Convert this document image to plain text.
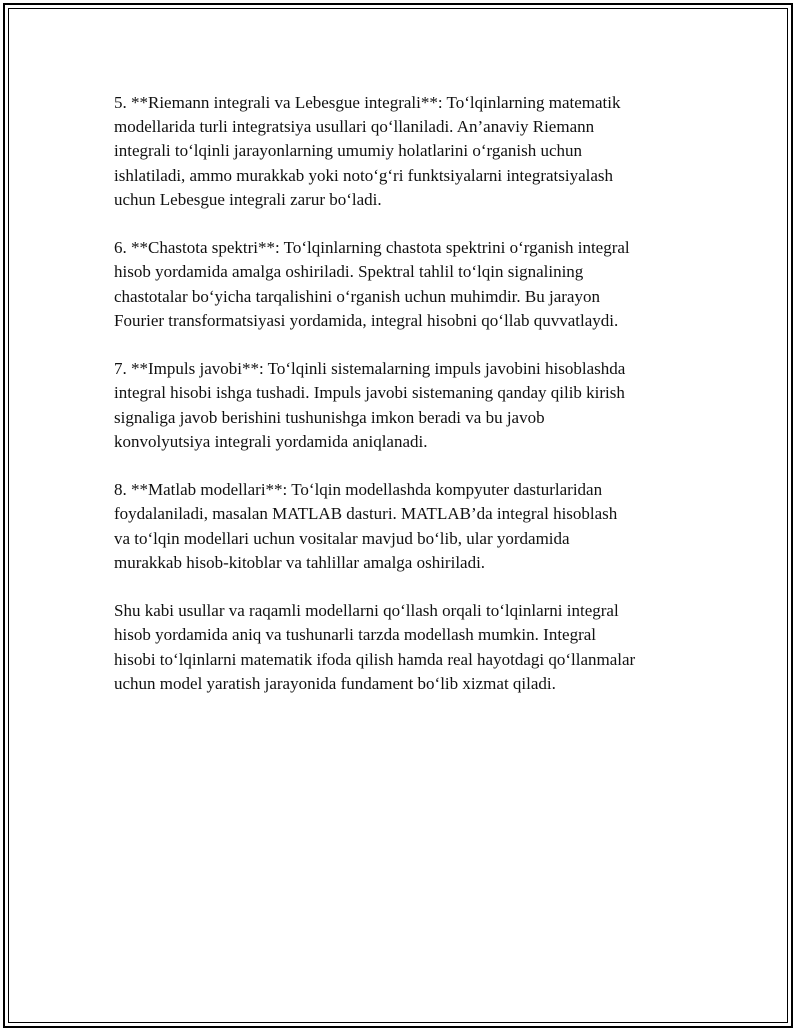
5. **Riemann integrali va Lebesgue integrali**: To‘lqinlarning matematik
modellarida turli integratsiya usullari qo‘llaniladi. An’anaviy Riemann
integrali to‘lqinli jarayonlarning umumiy holatlarini o‘rganish uchun
ishlatiladi, ammo murakkab yoki noto‘g‘ri funktsiyalarni integratsiyalash
uchun Lebesgue integrali zarur bo‘ladi.

6. **Chastota spektri**: To‘lqinlarning chastota spektrini o‘rganish integral
hisob yordamida amalga oshiriladi. Spektral tahlil to‘lqin signalining
chastotalar bo‘yicha tarqalishini o‘rganish uchun muhimdir. Bu jarayon
Fourier transformatsiyasi yordamida, integral hisobni qo‘llab quvvatlaydi.

7. **Impuls javobi**: To‘lqinli sistemalarning impuls javobini hisoblashda
integral hisobi ishga tushadi. Impuls javobi sistemaning qanday qilib kirish
signaliga javob berishini tushunishga imkon beradi va bu javob
konvolyutsiya integrali yordamida aniqlanadi.

8. **Matlab modellari**: To‘lqin modellashda kompyuter dasturlaridan
foydalaniladi, masalan MATLAB dasturi. MATLAB’da integral hisoblash
va to‘lqin modellari uchun vositalar mavjud bo‘lib, ular yordamida
murakkab hisob-kitoblar va tahlillar amalga oshiriladi.

Shu kabi usullar va raqamli modellarni qo‘llash orqali to‘lqinlarni integral
hisob yordamida aniq va tushunarli tarzda modellash mumkin. Integral
hisobi to‘lqinlarni matematik ifoda qilish hamda real hayotdagi qo‘llanmalar
uchun model yaratish jarayonida fundament bo‘lib xizmat qiladi.
